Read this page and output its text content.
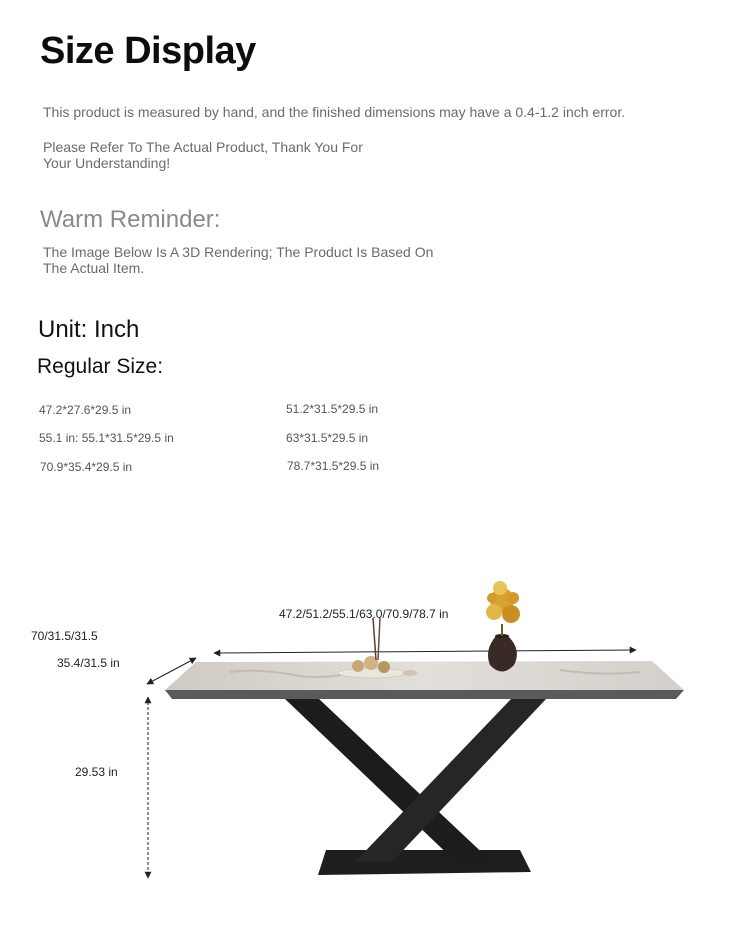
Size Display
This product is measured by hand, and the finished dimensions may have a 0.4-1.2 inch error.
Please Refer To The Actual Product, Thank You For Your Understanding!
Warm Reminder:
The Image Below Is A 3D Rendering; The Product Is Based On The Actual Item.
Unit: Inch
Regular Size:
47.2*27.6*29.5 in
55.1 in: 55.1*31.5*29.5 in
70.9*35.4*29.5 in
51.2*31.5*29.5 in
63*31.5*29.5 in
78.7*31.5*29.5 in
47.2/51.2/55.1/63.0/70.9/78.7 in
70/31.5/31.5
35.4/31.5 in
29.53 in
